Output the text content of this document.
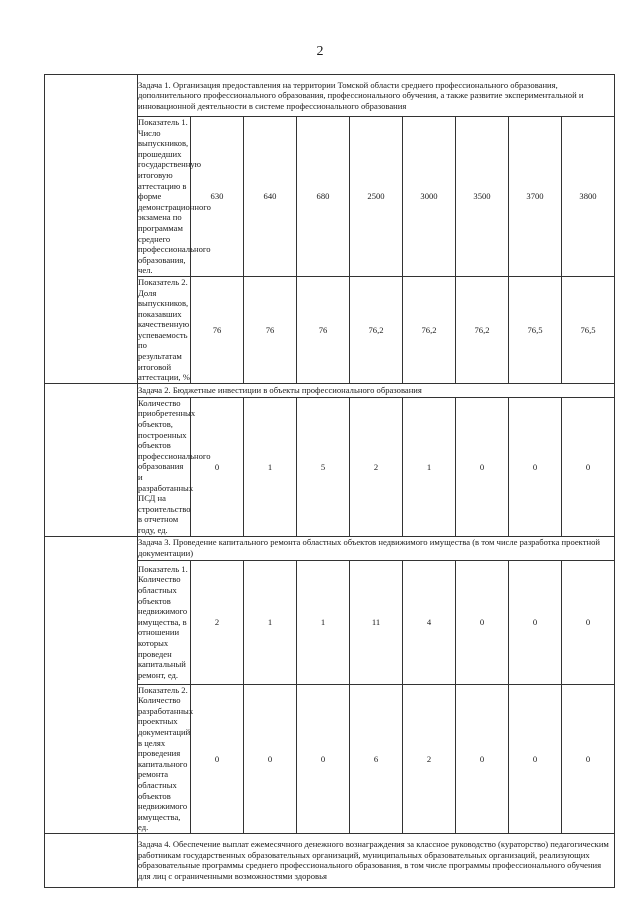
2
	Задача 1. Организация предоставления на территории Томской области среднего профессионального образования, дополнительного профессионального образования, профессионального обучения, а также развитие экспериментальной и инновационной деятельности в системе профессионального образования								
	Показатель 1. Число выпускников, прошедших государственную итоговую аттестацию в форме демонстрационного экзамена по программам среднего профессионального образования, чел.	630	640	680	2500	3000	3500	3700	3800
	Показатель 2. Доля выпускников, показавших качественную успеваемость по результатам итоговой аттестации, %	76	76	76	76,2	76,2	76,2	76,5	76,5
	Задача 2. Бюджетные инвестиции в объекты профессионального образования								
	Количество приобретенных объектов, построенных объектов профессионального образования и разработанных ПСД на строительство в отчетном году, ед.	0	1	5	2	1	0	0	0
	Задача 3. Проведение капитального ремонта областных объектов недвижимого имущества (в том числе разработка проектной документации)								
	Показатель 1. Количество областных объектов недвижимого имущества, в отношении которых проведен капитальный ремонт, ед.	2	1	1	11	4	0	0	0
	Показатель 2. Количество разработанных проектных документаций в целях проведения капитального ремонта областных объектов недвижимого имущества, ед.	0	0	0	6	2	0	0	0
	Задача 4. Обеспечение выплат ежемесячного денежного вознаграждения за классное руководство (кураторство) педагогическим работникам государственных образовательных организаций, муниципальных образовательных организаций, реализующих образовательные программы среднего профессионального образования, в том числе программы профессионального обучения для лиц с ограниченными возможностями здоровья								
